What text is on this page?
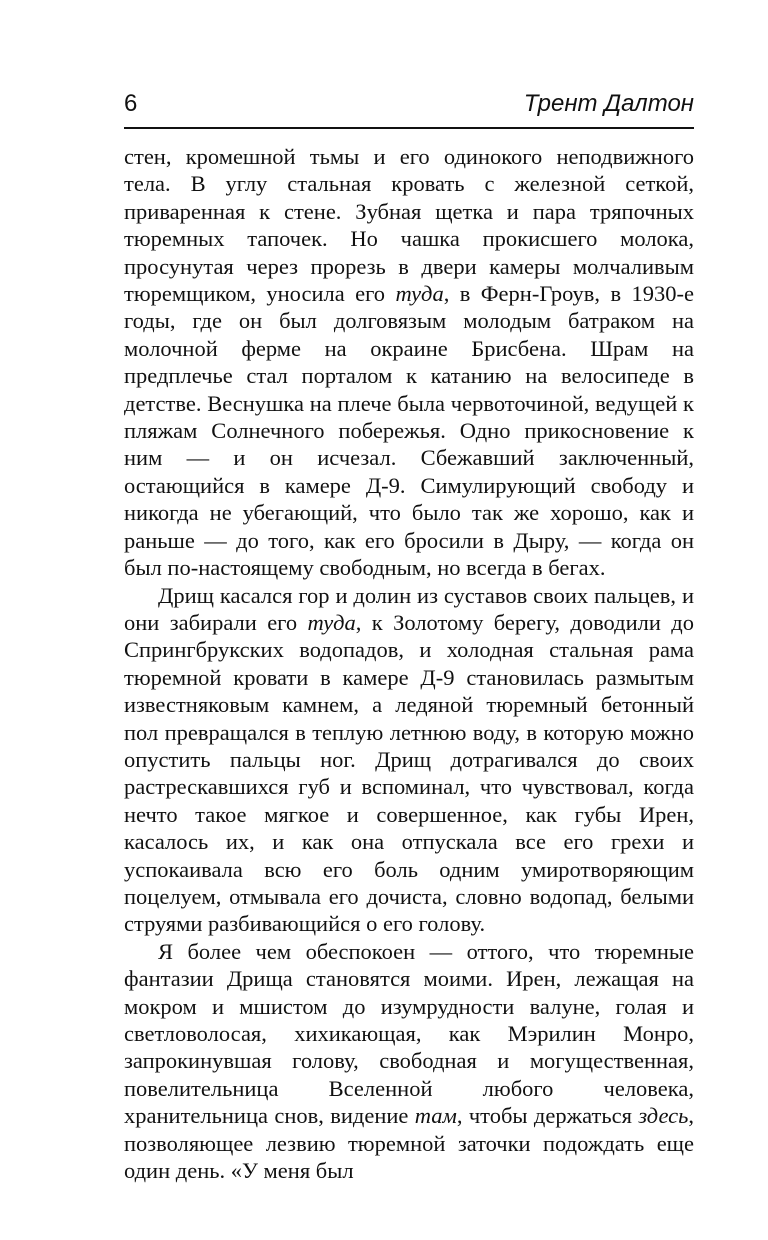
6	Трент Далтон

стен, кромешной тьмы и его одинокого неподвижного тела. В углу стальная кровать с железной сеткой, приваренная к стене. Зубная щетка и пара тряпочных тюремных тапочек. Но чашка прокисшего молока, просунутая через прорезь в двери камеры молчаливым тюремщиком, уносила его туда, в Ферн-Гроув, в 1930-е годы, где он был долговязым молодым батраком на молочной ферме на окраине Брисбена. Шрам на предплечье стал порталом к катанию на велосипеде в детстве. Веснушка на плече была червоточиной, ведущей к пляжам Солнечного побережья. Одно прикосновение к ним — и он исчезал. Сбежавший заключенный, остающийся в камере Д-9. Симулирующий свободу и никогда не убегающий, что было так же хорошо, как и раньше — до того, как его бросили в Дыру, — когда он был по-настоящему свободным, но всегда в бегах.

Дрищ касался гор и долин из суставов своих пальцев, и они забирали его туда, к Золотому берегу, доводили до Спрингбрукских водопадов, и холодная стальная рама тюремной кровати в камере Д-9 становилась размытым известняковым камнем, а ледяной тюремный бетонный пол превращался в теплую летнюю воду, в которую можно опустить пальцы ног. Дрищ дотрагивался до своих растрескавшихся губ и вспоминал, что чувствовал, когда нечто такое мягкое и совершенное, как губы Ирен, касалось их, и как она отпускала все его грехи и успокаивала всю его боль одним умиротворяющим поцелуем, отмывала его дочиста, словно водопад, белыми струями разбивающийся о его голову.

Я более чем обеспокоен — оттого, что тюремные фантазии Дрища становятся моими. Ирен, лежащая на мокром и мшистом до изумрудности валуне, голая и светловолосая, хихикающая, как Мэрилин Монро, запрокинувшая голову, свободная и могущественная, повелительница Вселенной любого человека, хранительница снов, видение там, чтобы держаться здесь, позволяющее лезвию тюремной заточки подождать еще один день. «У меня был
